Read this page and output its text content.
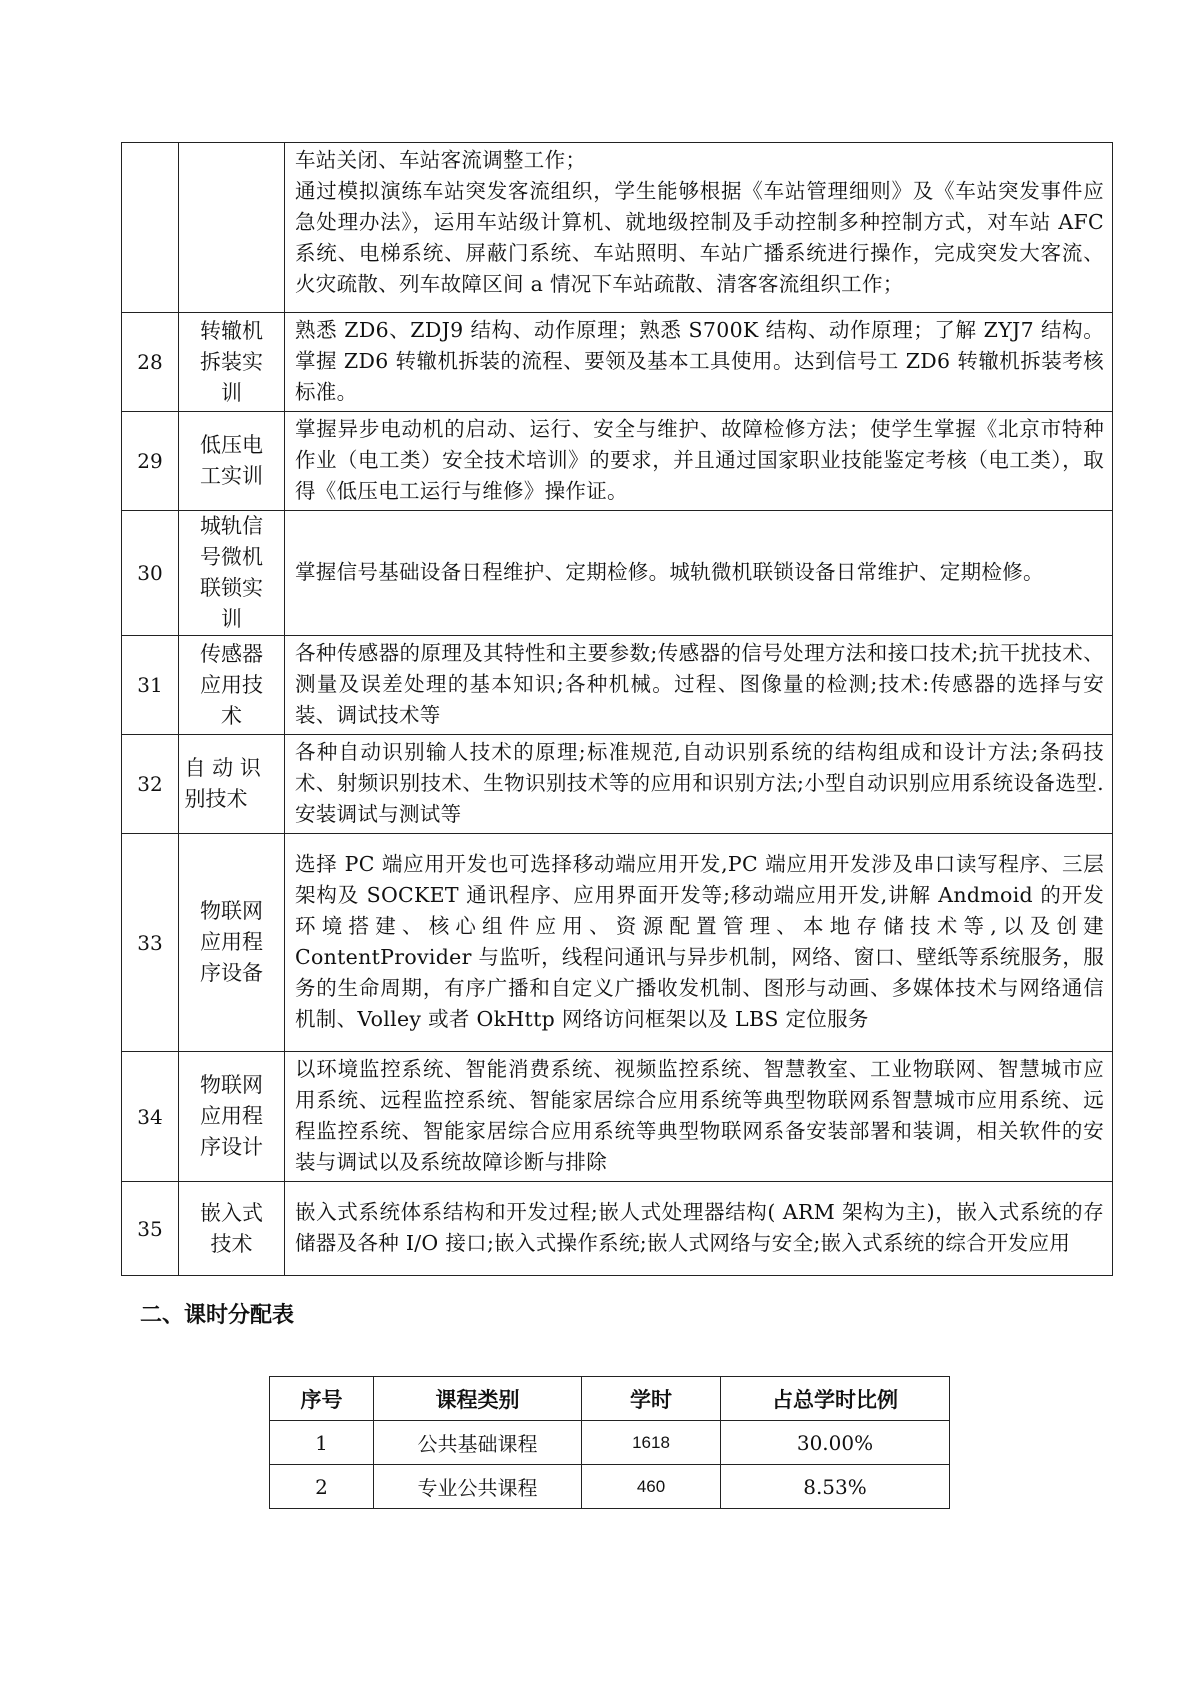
		车站关闭、车站客流调整工作；
通过模拟演练车站突发客流组织，学生能够根据《车站管理细则》及《车站突发事件应急处理办法》，运用车站级计算机、就地级控制及手动控制多种控制方式，对车站 AFC 系统、电梯系统、屏蔽门系统、车站照明、车站广播系统进行操作，完成突发大客流、火灾疏散、列车故障区间 a 情况下车站疏散、清客客流组织工作；

28	转辙机拆装实训	熟悉 ZD6、ZDJ9 结构、动作原理；熟悉 S700K 结构、动作原理；了解 ZYJ7 结构。掌握 ZD6 转辙机拆装的流程、要领及基本工具使用。达到信号工 ZD6 转辙机拆装考核标准。
29	低压电工实训	掌握异步电动机的启动、运行、安全与维护、故障检修方法；使学生掌握《北京市特种作业（电工类）安全技术培训》的要求，并且通过国家职业技能鉴定考核（电工类），取得《低压电工运行与维修》操作证。
30	城轨信号微机联锁实训	掌握信号基础设备日程维护、定期检修。城轨微机联锁设备日常维护、定期检修。
31	传感器应用技术	各种传感器的原理及其特性和主要参数;传感器的信号处理方法和接口技术;抗干扰技术、测量及误差处理的基本知识;各种机械。过程、图像量的检测;技术:传感器的选择与安装、调试技术等
32	自 动 识别技术	各种自动识别输人技术的原理;标准规范,自动识别系统的结构组成和设计方法;条码技术、射频识别技术、生物识别技术等的应用和识别方法;小型自动识别应用系统设备选型.安装调试与测试等
33	物联网应用程序设备	选择 PC 端应用开发也可选择移动端应用开发,PC 端应用开发涉及串口读写程序、三层架构及 SOCKET 通讯程序、应用界面开发等;移动端应用开发,讲解 Andmoid 的开发环境搭建、核心组件应用、资源配置管理、本地存储技术等,以及创建 ContentProvider 与监听，线程问通讯与异步机制，网络、窗口、壁纸等系统服务，服务的生命周期，有序广播和自定义广播收发机制、图形与动画、多媒体技术与网络通信机制、Volley 或者 OkHttp 网络访问框架以及 LBS 定位服务
34	物联网应用程序设计	以环境监控系统、智能消费系统、视频监控系统、智慧教室、工业物联网、智慧城市应用系统、远程监控系统、智能家居综合应用系统等典型物联网系智慧城市应用系统、远程监控系统、智能家居综合应用系统等典型物联网系备安装部署和装调，相关软件的安装与调试以及系统故障诊断与排除
35	嵌入式技术	嵌入式系统体系结构和开发过程;嵌人式处理器结构( ARM 架构为主)，嵌入式系统的存储器及各种 I/O 接口;嵌入式操作系统;嵌人式网络与安全;嵌入式系统的综合开发应用
二、课时分配表
序号	课程类别	学时	占总学时比例
1	公共基础课程	1618	30.00%
2	专业公共课程	460	8.53%
